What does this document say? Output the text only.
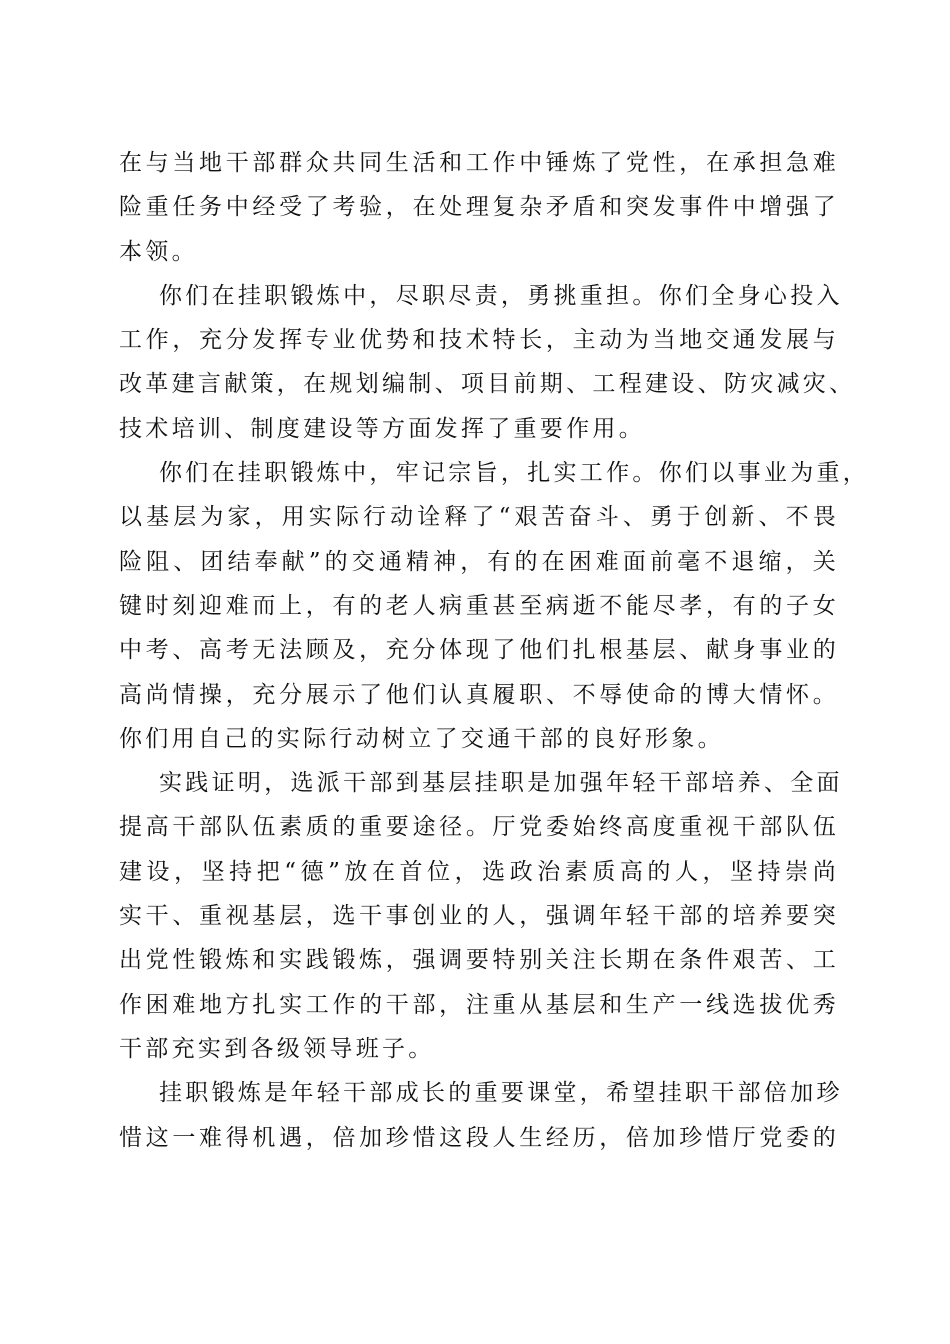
在与当地干部群众共同生活和工作中锤炼了党性，在承担急难
险重任务中经受了考验，在处理复杂矛盾和突发事件中增强了
本领。
你们在挂职锻炼中，尽职尽责，勇挑重担。你们全身心投入
工作，充分发挥专业优势和技术特长，主动为当地交通发展与
改革建言献策，在规划编制、项目前期、工程建设、防灾减灾、
技术培训、制度建设等方面发挥了重要作用。
你们在挂职锻炼中，牢记宗旨，扎实工作。你们以事业为重，
以基层为家，用实际行动诠释了“艰苦奋斗、勇于创新、不畏
险阻、团结奉献”的交通精神，有的在困难面前毫不退缩，关
键时刻迎难而上，有的老人病重甚至病逝不能尽孝，有的子女
中考、高考无法顾及，充分体现了他们扎根基层、献身事业的
高尚情操，充分展示了他们认真履职、不辱使命的博大情怀。
你们用自己的实际行动树立了交通干部的良好形象。
实践证明，选派干部到基层挂职是加强年轻干部培养、全面
提高干部队伍素质的重要途径。厅党委始终高度重视干部队伍
建设，坚持把“德”放在首位，选政治素质高的人，坚持崇尚
实干、重视基层，选干事创业的人，强调年轻干部的培养要突
出党性锻炼和实践锻炼，强调要特别关注长期在条件艰苦、工
作困难地方扎实工作的干部，注重从基层和生产一线选拔优秀
干部充实到各级领导班子。
挂职锻炼是年轻干部成长的重要课堂，希望挂职干部倍加珍
惜这一难得机遇，倍加珍惜这段人生经历，倍加珍惜厅党委的
